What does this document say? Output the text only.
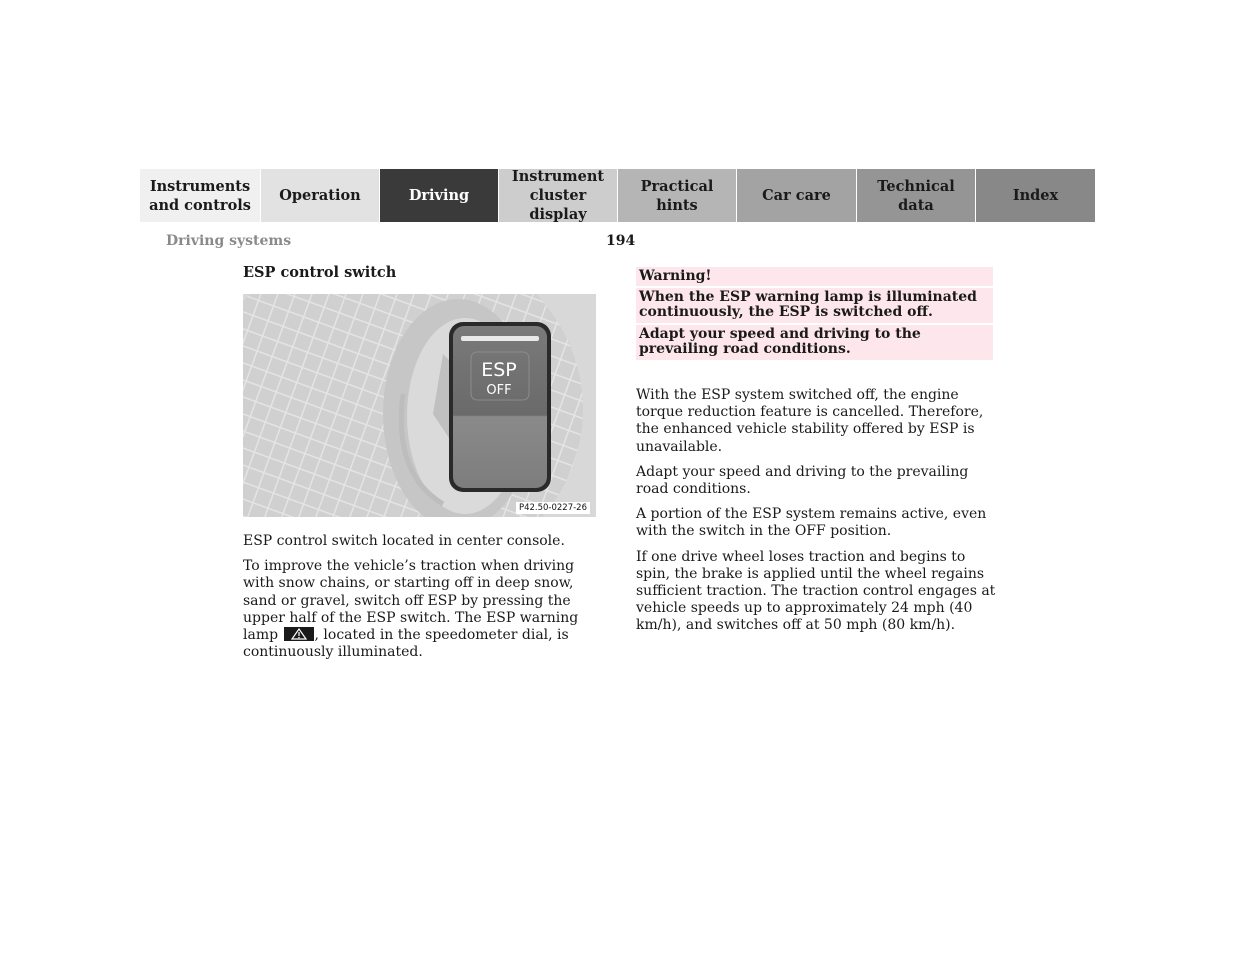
Instruments
and controls
Operation	Driving
Instrument
cluster display
Practical hints
Car care
Technical
data
Index
Driving systems	194
ESP control switch
ESP
OFF
P42.50-0227-26

ESP control switch located in center console.

To improve the vehicle’s traction when driving with snow chains, or starting off in deep snow, sand or gravel, switch off ESP by pressing the upper half of the ESP switch. The ESP warning lamp
, located in the speedometer dial, is continuously illuminated.

Warning!
When the ESP warning lamp is illuminated continuously, the ESP is switched off.
Adapt your speed and driving to the prevailing road conditions.

With the ESP system switched off, the engine torque reduction feature is cancelled. Therefore, the enhanced vehicle stability offered by ESP is unavailable.

Adapt your speed and driving to the prevailing road conditions.

A portion of the ESP system remains active, even with the switch in the OFF position.

If one drive wheel loses traction and begins to spin, the brake is applied until the wheel regains sufficient traction. The traction control engages at vehicle speeds up to approximately 24 mph (40 km/h), and switches off at 50 mph (80 km/h).
